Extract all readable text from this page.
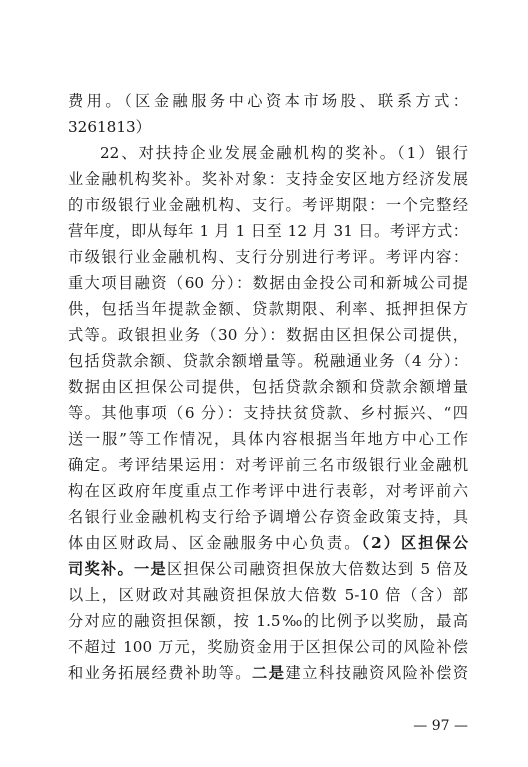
费用。（区金融服务中心资本市场股、联系方式：
3261813）
22、对扶持企业发展金融机构的奖补。（1）银行
业金融机构奖补。奖补对象：支持金安区地方经济发展
的市级银行业金融机构、支行。考评期限：一个完整经
营年度，即从每年 1 月 1 日至 12 月 31 日。考评方式：
市级银行业金融机构、支行分别进行考评。考评内容：
重大项目融资（60 分）：数据由金投公司和新城公司提
供，包括当年提款金额、贷款期限、利率、抵押担保方
式等。政银担业务（30 分）：数据由区担保公司提供，
包括贷款余额、贷款余额增量等。税融通业务（4 分）：
数据由区担保公司提供，包括贷款余额和贷款余额增量
等。其他事项（6 分）：支持扶贫贷款、乡村振兴、“四
送一服”等工作情况，具体内容根据当年地方中心工作
确定。考评结果运用：对考评前三名市级银行业金融机
构在区政府年度重点工作考评中进行表彰，对考评前六
名银行业金融机构支行给予调增公存资金政策支持，具
体由区财政局、区金融服务中心负责。（2）区担保公
司奖补。一是区担保公司融资担保放大倍数达到 5 倍及
以上，区财政对其融资担保放大倍数 5-10 倍（含）部
分对应的融资担保额，按 1.5‰的比例予以奖励，最高
不超过 100 万元，奖励资金用于区担保公司的风险补偿
和业务拓展经费补助等。二是建立科技融资风险补偿资
— 97 —
